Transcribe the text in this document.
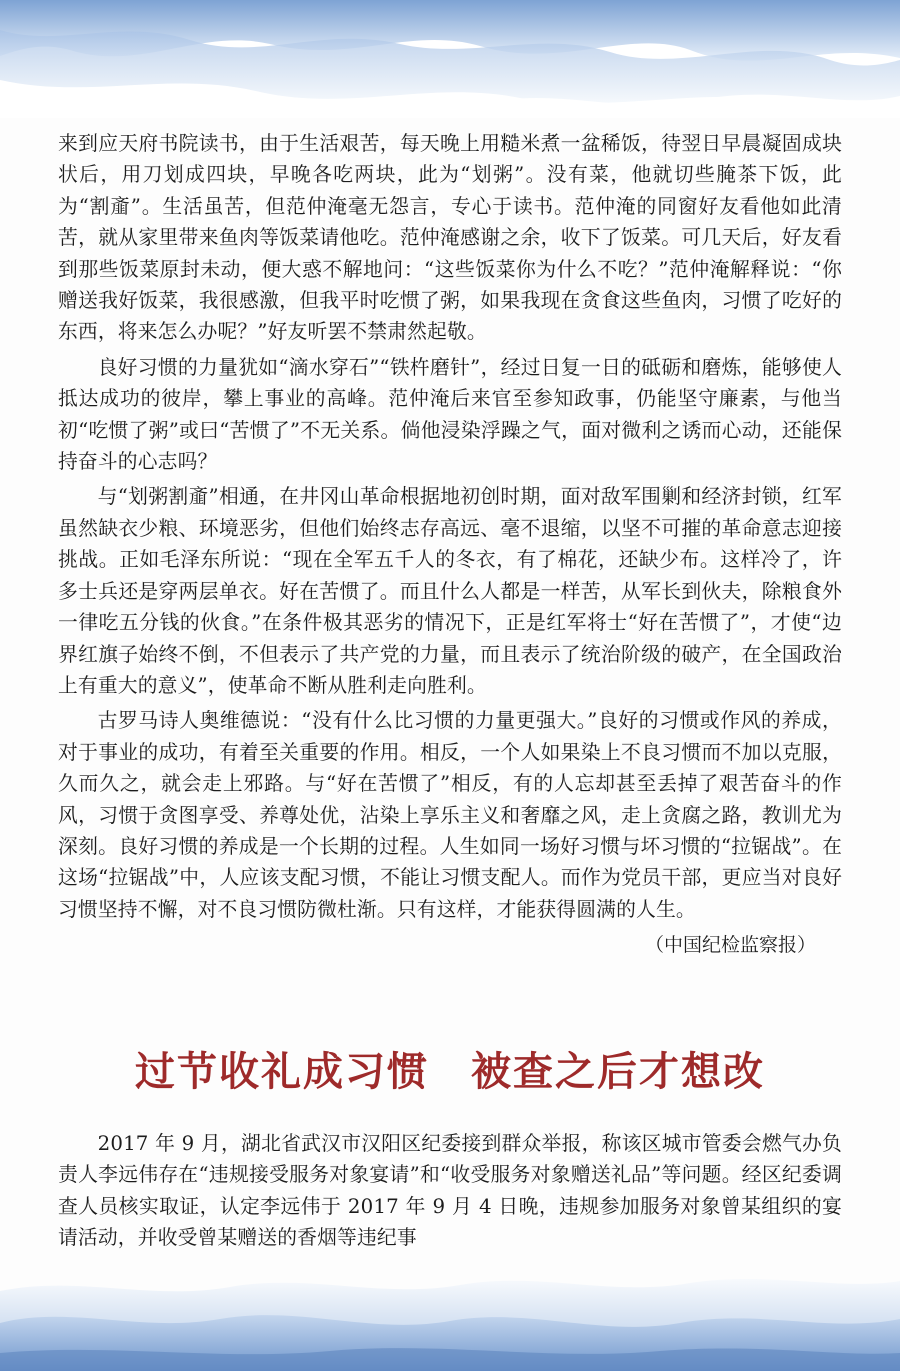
来到应天府书院读书，由于生活艰苦，每天晚上用糙米煮一盆稀饭，待翌日早晨凝固成块状后，用刀划成四块，早晚各吃两块，此为“划粥”。没有菜，他就切些腌茶下饭，此为“割齑”。生活虽苦，但范仲淹毫无怨言，专心于读书。范仲淹的同窗好友看他如此清苦，就从家里带来鱼肉等饭菜请他吃。范仲淹感谢之余，收下了饭菜。可几天后，好友看到那些饭菜原封未动，便大惑不解地问：“这些饭菜你为什么不吃？”范仲淹解释说：“你赠送我好饭菜，我很感激，但我平时吃惯了粥，如果我现在贪食这些鱼肉，习惯了吃好的东西，将来怎么办呢？”好友听罢不禁肃然起敬。

良好习惯的力量犹如“滴水穿石”“铁杵磨针”，经过日复一日的砥砺和磨炼，能够使人抵达成功的彼岸，攀上事业的高峰。范仲淹后来官至参知政事，仍能坚守廉素，与他当初“吃惯了粥”或曰“苦惯了”不无关系。倘他浸染浮躁之气，面对微利之诱而心动，还能保持奋斗的心志吗？

与“划粥割齑”相通，在井冈山革命根据地初创时期，面对敌军围剿和经济封锁，红军虽然缺衣少粮、环境恶劣，但他们始终志存高远、毫不退缩，以坚不可摧的革命意志迎接挑战。正如毛泽东所说：“现在全军五千人的冬衣，有了棉花，还缺少布。这样冷了，许多士兵还是穿两层单衣。好在苦惯了。而且什么人都是一样苦，从军长到伙夫，除粮食外一律吃五分钱的伙食。”在条件极其恶劣的情况下，正是红军将士“好在苦惯了”，才使“边界红旗子始终不倒，不但表示了共产党的力量，而且表示了统治阶级的破产，在全国政治上有重大的意义”，使革命不断从胜利走向胜利。

古罗马诗人奥维德说：“没有什么比习惯的力量更强大。”良好的习惯或作风的养成，对于事业的成功，有着至关重要的作用。相反，一个人如果染上不良习惯而不加以克服，久而久之，就会走上邪路。与“好在苦惯了”相反，有的人忘却甚至丢掉了艰苦奋斗的作风，习惯于贪图享受、养尊处优，沾染上享乐主义和奢靡之风，走上贪腐之路，教训尤为深刻。良好习惯的养成是一个长期的过程。人生如同一场好习惯与坏习惯的“拉锯战”。在这场“拉锯战”中，人应该支配习惯，不能让习惯支配人。而作为党员干部，更应当对良好习惯坚持不懈，对不良习惯防微杜渐。只有这样，才能获得圆满的人生。

（中国纪检监察报）
过节收礼成习惯　被查之后才想改

2017 年 9 月，湖北省武汉市汉阳区纪委接到群众举报，称该区城市管委会燃气办负责人李远伟存在“违规接受服务对象宴请”和“收受服务对象赠送礼品”等问题。经区纪委调查人员核实取证，认定李远伟于 2017 年 9 月 4 日晚，违规参加服务对象曾某组织的宴请活动，并收受曾某赠送的香烟等违纪事
